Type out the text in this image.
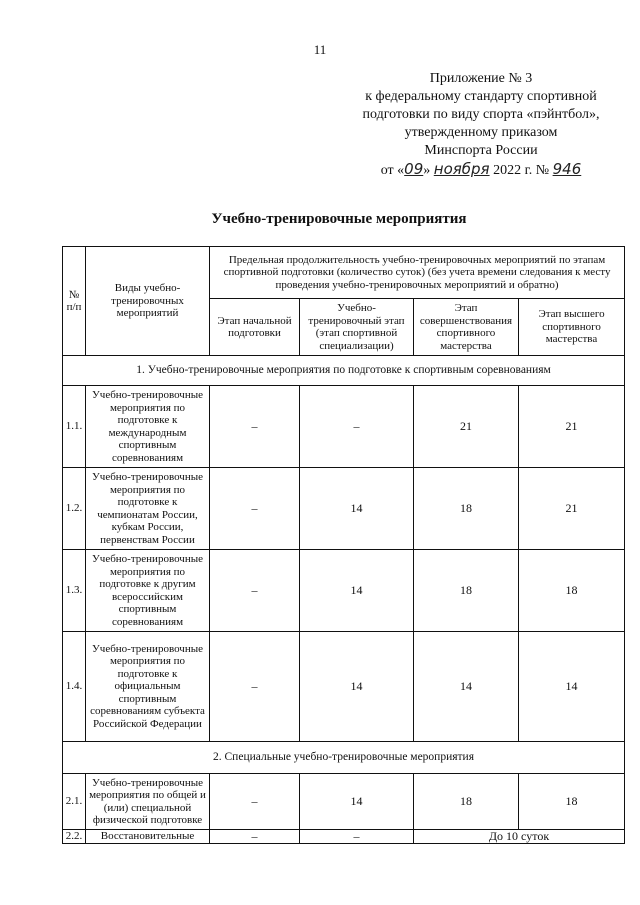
11
Приложение № 3
к федеральному стандарту спортивной
подготовки по виду спорта «пэйнтбол»,
утвержденному приказом
Минспорта России
от «09» ноября 2022 г. № 946
Учебно-тренировочные мероприятия
№ п/п	Виды учебно-тренировочных мероприятий	Предельная продолжительность учебно-тренировочных мероприятий по этапам спортивной подготовки (количество суток) (без учета времени следования к месту проведения учебно-тренировочных мероприятий и обратно)			
		Этап начальной подготовки	Учебно-тренировочный этап (этап спортивной специализации)	Этап совершенствования спортивного мастерства	Этап высшего спортивного мастерства
1. Учебно-тренировочные мероприятия по подготовке к спортивным соревнованиям					
1.1.	Учебно-тренировочные мероприятия по подготовке к международным спортивным соревнованиям	–	–	21	21
1.2.	Учебно-тренировочные мероприятия по подготовке к чемпионатам России, кубкам России, первенствам России	–	14	18	21
1.3.	Учебно-тренировочные мероприятия по подготовке к другим всероссийским спортивным соревнованиям	–	14	18	18
1.4.	Учебно-тренировочные мероприятия по подготовке к официальным спортивным соревнованиям субъекта Российской Федерации	–	14	14	14
2. Специальные учебно-тренировочные мероприятия					
2.1.	Учебно-тренировочные мероприятия по общей и (или) специальной физической подготовке	–	14	18	18
2.2.	Восстановительные	–	–	До 10 суток	
